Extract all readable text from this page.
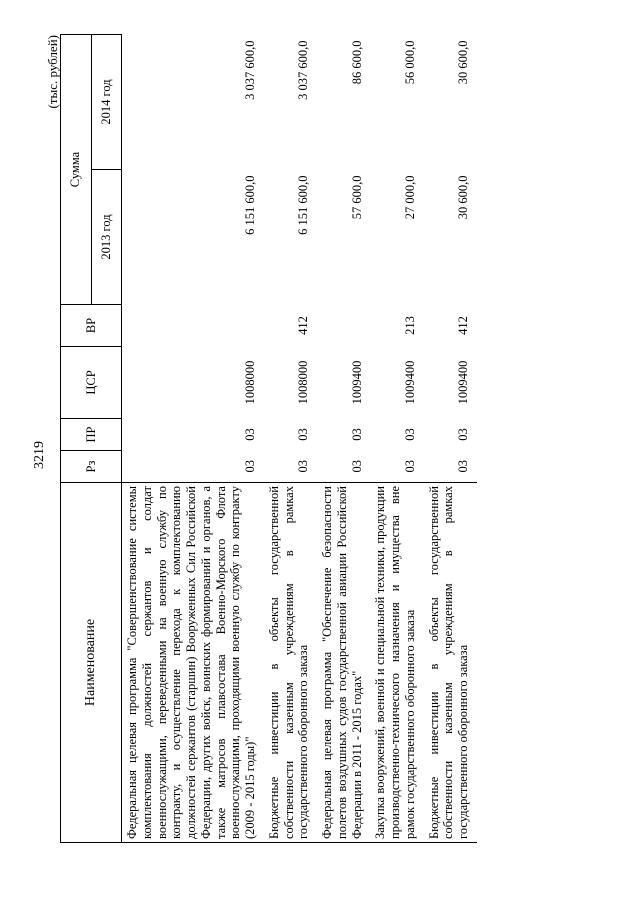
3219
(тыс. рублей)
Наименование	Рз	ПР	ЦСР	ВР	Сумма	
					2013 год	2014 год
Федеральная целевая программа "Совершенствование системы комплектования должностей сержантов и солдат военнослужащими, переведенными на военную службу по контракту, и осуществление перехода к комплектованию должностей сержантов (старшин) Вооруженных Сил Российской Федерации, других войск, воинских формирований и органов, а также матросов плавсостава Военно-Морского Флота военнослужащими, проходящими военную службу по контракту (2009 - 2015 годы)"	03	03	1008000		6 151 600,0	3 037 600,0
Бюджетные инвестиции в объекты государственной собственности казенным учреждениям в рамках государственного оборонного заказа	03	03	1008000	412	6 151 600,0	3 037 600,0
Федеральная целевая программа "Обеспечение безопасности полетов воздушных судов государственной авиации Российской Федерации в 2011 - 2015 годах"	03	03	1009400		57 600,0	86 600,0
Закупка вооружений, военной и специальной техники, продукции производственно-технического назначения и имущества вне рамок государственного оборонного заказа	03	03	1009400	213	27 000,0	56 000,0
Бюджетные инвестиции в объекты государственной собственности казенным учреждениям в рамках государственного оборонного заказа	03	03	1009400	412	30 600,0	30 600,0
